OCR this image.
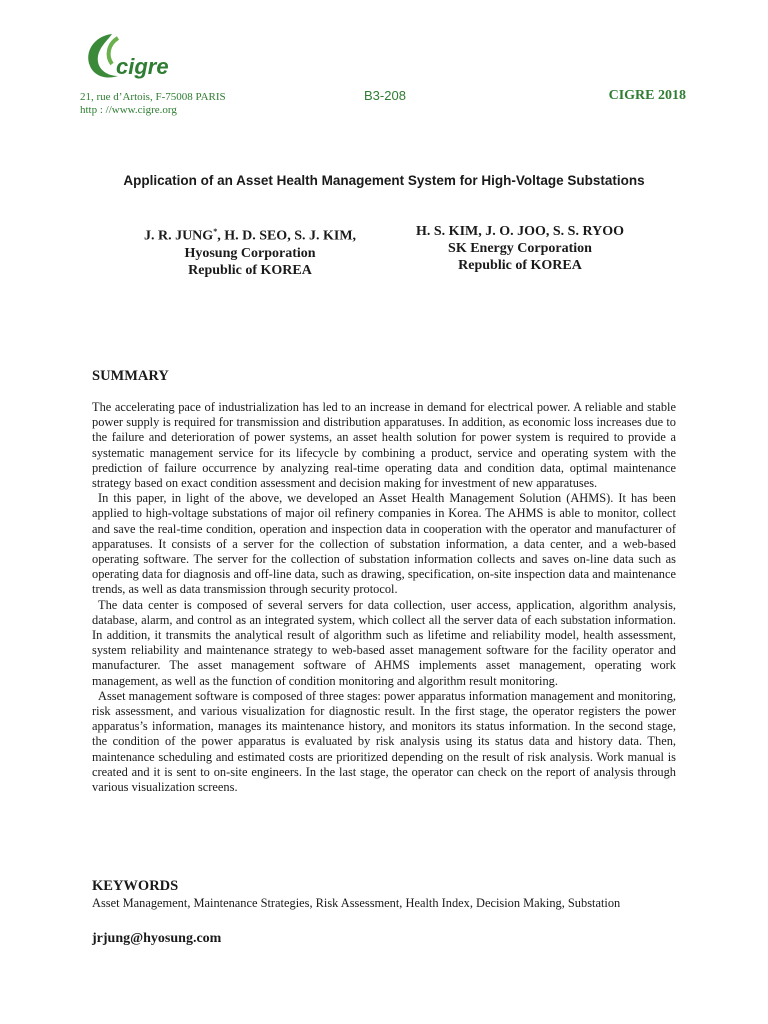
cigre
21, rue d’Artois, F-75008 PARIS
http : //www.cigre.org
B3-208	CIGRE 2018
Application of an Asset Health Management System for High-Voltage Substations
J. R. JUNG*, H. D. SEO, S. J. KIM,
Hyosung Corporation
Republic of KOREA
H. S. KIM, J. O. JOO, S. S. RYOO
SK Energy Corporation
Republic of KOREA
SUMMARY

The accelerating pace of industrialization has led to an increase in demand for electrical power. A reliable and stable power supply is required for transmission and distribution apparatuses. In addition, as economic loss increases due to the failure and deterioration of power systems, an asset health solution for power system is required to provide a systematic management service for its lifecycle by combining a product, service and operating system with the prediction of failure occurrence by analyzing real-time operating data and condition data, optimal maintenance strategy based on exact condition assessment and decision making for investment of new apparatuses.

In this paper, in light of the above, we developed an Asset Health Management Solution (AHMS). It has been applied to high-voltage substations of major oil refinery companies in Korea. The AHMS is able to monitor, collect and save the real-time condition, operation and inspection data in cooperation with the operator and manufacturer of apparatuses. It consists of a server for the collection of substation information, a data center, and a web-based operating software. The server for the collection of substation information collects and saves on-line data such as operating data for diagnosis and off-line data, such as drawing, specification, on-site inspection data and maintenance trends, as well as data transmission through security protocol.

The data center is composed of several servers for data collection, user access, application, algorithm analysis, database, alarm, and control as an integrated system, which collect all the server data of each substation information. In addition, it transmits the analytical result of algorithm such as lifetime and reliability model, health assessment, system reliability and maintenance strategy to web-based asset management software for the facility operator and manufacturer. The asset management software of AHMS implements asset management, operating work management, as well as the function of condition monitoring and algorithm result monitoring.

Asset management software is composed of three stages: power apparatus information management and monitoring, risk assessment, and various visualization for diagnostic result. In the first stage, the operator registers the power apparatus’s information, manages its maintenance history, and monitors its status information. In the second stage, the condition of the power apparatus is evaluated by risk analysis using its status data and history data. Then, maintenance scheduling and estimated costs are prioritized depending on the result of risk analysis. Work manual is created and it is sent to on-site engineers. In the last stage, the operator can check on the report of analysis through various visualization screens.

KEYWORDS
Asset Management, Maintenance Strategies, Risk Assessment, Health Index, Decision Making, Substation
jrjung@hyosung.com
